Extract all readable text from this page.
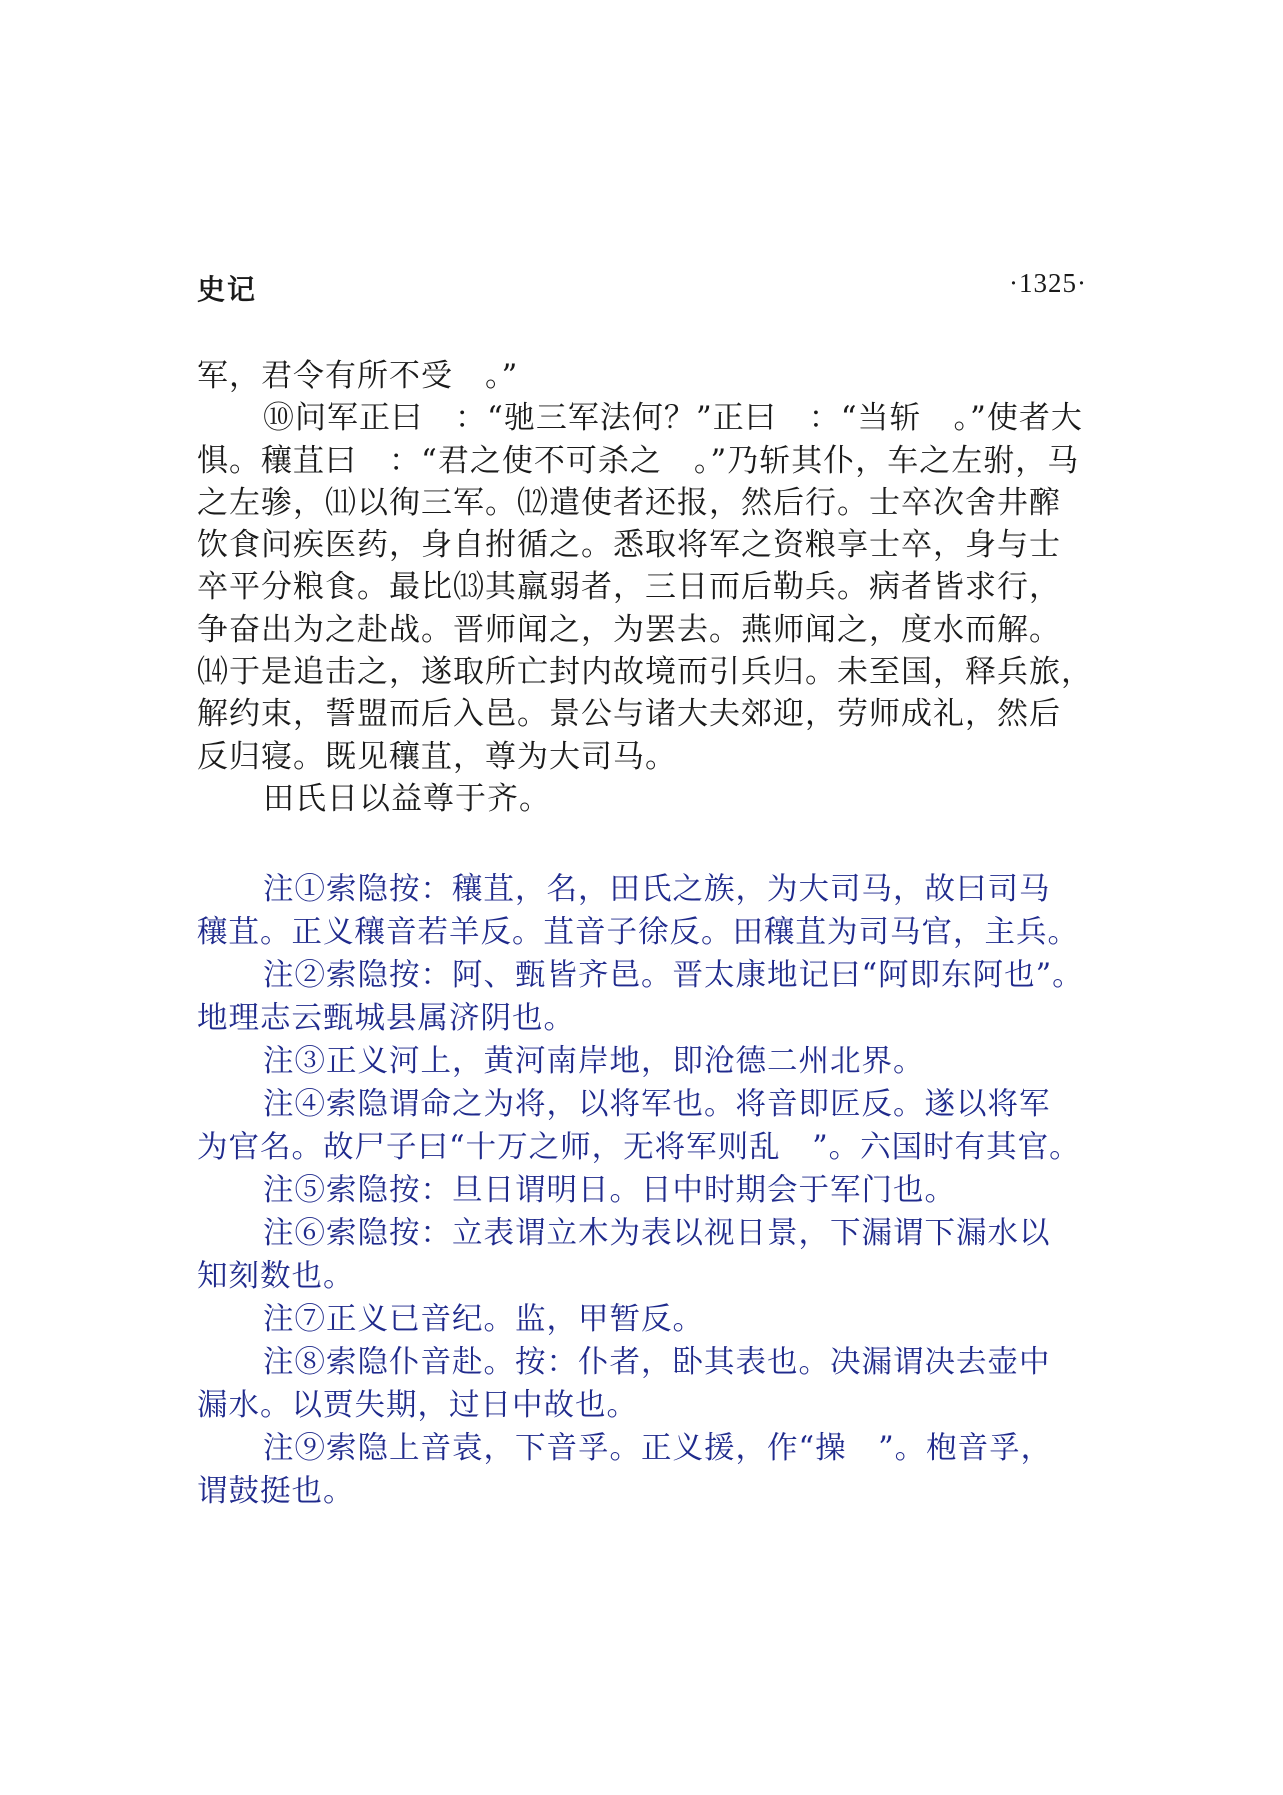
史记	·1325·
军，君令有所不受　。”
⑩问军正曰　：“驰三军法何？”正曰　：“当斩　。”使者大
惧。穰苴曰　：“君之使不可杀之　。”乃斩其仆，车之左驸，马
之左骖，⑾以徇三军。⑿遣使者还报，然后行。士卒次舍井醡
饮食问疾医药，身自拊循之。悉取将军之资粮享士卒，身与士
卒平分粮食。最比⒀其羸弱者，三日而后勒兵。病者皆求行，
争奋出为之赴战。晋师闻之，为罢去。燕师闻之，度水而解。
⒁于是追击之，遂取所亡封内故境而引兵归。未至国，释兵旅，
解约束，誓盟而后入邑。景公与诸大夫郊迎，劳师成礼，然后
反归寝。既见穰苴，尊为大司马。
田氏日以益尊于齐。
注①索隐按：穰苴，名，田氏之族，为大司马，故曰司马
穰苴。正义穰音若羊反。苴音子徐反。田穰苴为司马官，主兵。
注②索隐按：阿、甄皆齐邑。晋太康地记曰“阿即东阿也”。
地理志云甄城县属济阴也。
注③正义河上，黄河南岸地，即沧德二州北界。
注④索隐谓命之为将，以将军也。将音即匠反。遂以将军
为官名。故尸子曰“十万之师，无将军则乱　”。六国时有其官。
注⑤索隐按：旦日谓明日。日中时期会于军门也。
注⑥索隐按：立表谓立木为表以视日景，下漏谓下漏水以
知刻数也。
注⑦正义已音纪。监，甲暂反。
注⑧索隐仆音赴。按：仆者，卧其表也。决漏谓决去壶中
漏水。以贾失期，过日中故也。
注⑨索隐上音袁，下音孚。正义援，作“操　”。枹音孚，
谓鼓挺也。
